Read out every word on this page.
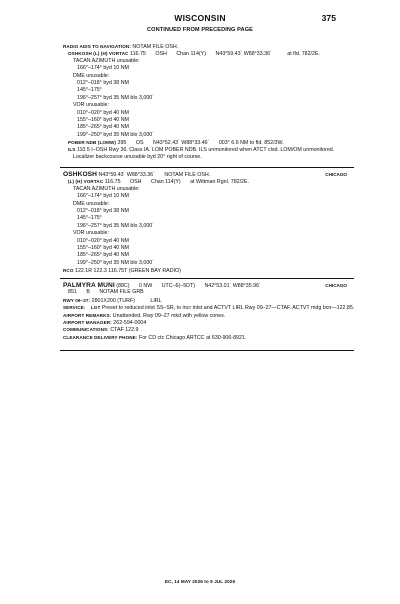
WISCONSIN	375
CONTINUED FROM PRECEDING PAGE
RADIO AIDS TO NAVIGATION: NOTAM FILE OSH.
OSHKOSH (L) (H) VORTAC 116.75 OSH Chan 114(Y) N43°59.43´ W88°33.36´	at fld. 782/2E.
TACAN AZIMUTH unusable:
166°–174° byd 10 NM
DME unusable:
012°–018° byd 38 NM
145°–175°
196°–257° byd 35 NM blo 3,000´
VOR unusable:
010°–020° byd 40 NM
155°–160° byd 40 NM
185°–265° byd 40 NM
199°–250° byd 35 NM blo 3,000´
POBER NDB (LOMW) 395 OS N43°52.43´ W88°33.46´ 003° 6.6 NM to fld. 852/3W.
ILS 110.5 I–OSH Rwy 36. Class IA. LOM POBER NDB. ILS unmonitored when ATCT clsd. LOM/OM unmonitored.
Localizer backcourse unusable byd 20° right of course.
OSHKOSH N43°59.43´ W88°33.36´ NOTAM FILE OSH.	CHICAGO
(L) (H) VORTAC 116.75 OSH Chan 114(Y) at Wittman Rgnl. 782/2E.
TACAN AZIMUTH unusable:
166°–174° byd 10 NM
DME unusable:
012°–018° byd 38 NM
145°–175°
196°–257° byd 35 NM blo 3,000´
VOR unusable:
010°–020° byd 40 NM
155°–160° byd 40 NM
185°–265° byd 40 NM
199°–250° byd 35 NM blo 3,000´
RCO 122.1R 122.3 116.75T (GREEN BAY RADIO)
PALMYRA MUNI (88C) 0 NW UTC–6(–5DT) N42°53.01´ W88°35.96´	CHICAGO
851 B NOTAM FILE GRB
RWY 09–27: 2801X200 (TURF)	LIRL
SERVICE: LGT Preset to reduced intst SS–SR, to incr intst and ACTVT LIRL Rwy 09–27—CTAF. ACTVT mdg bcn—122.85.
AIRPORT REMARKS: Unattended. Rwy 09–27 mkd with yellow cones.
AIRPORT MANAGER: 262-594-0004
COMMUNICATIONS: CTAF 122.9
CLEARANCE DELIVERY PHONE: For CD ctc Chicago ARTCC at 630-906-8921.
EC, 14 MAY 2026 to 9 JUL 2026
